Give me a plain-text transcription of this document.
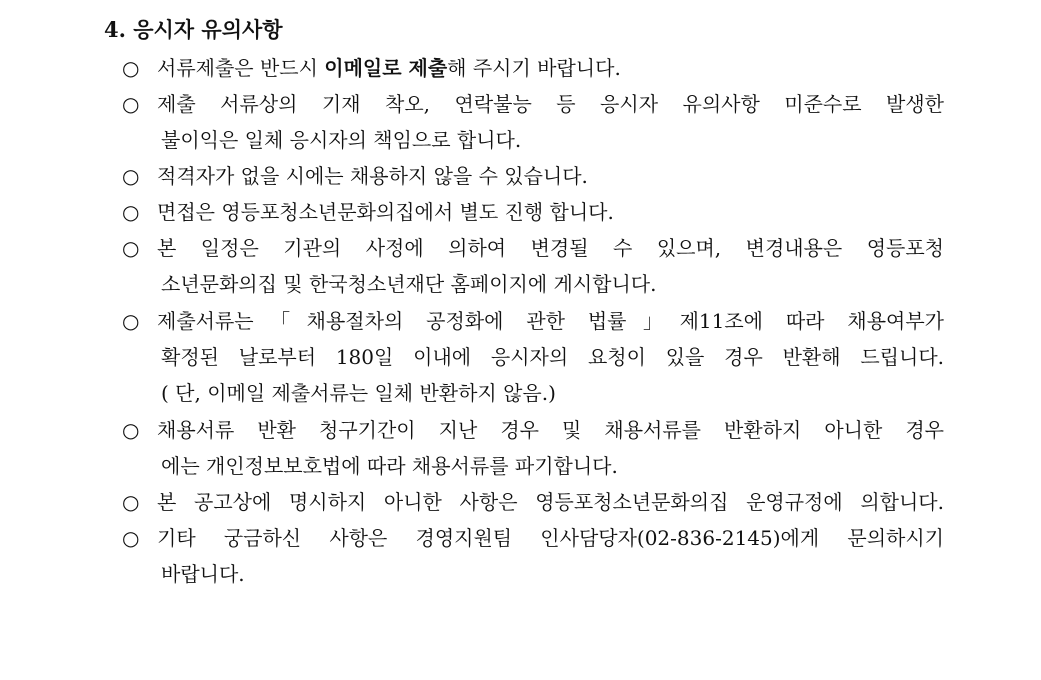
4. 응시자 유의사항
○ 서류제출은 반드시 이메일로 제출해 주시기 바랍니다.
○ 제출 서류상의 기재 착오, 연락불능 등 응시자 유의사항 미준수로 발생한
불이익은 일체 응시자의 책임으로 합니다.
○ 적격자가 없을 시에는 채용하지 않을 수 있습니다.
○ 면접은 영등포청소년문화의집에서 별도 진행 합니다.
○ 본 일정은 기관의 사정에 의하여 변경될 수 있으며, 변경내용은 영등포청
소년문화의집 및 한국청소년재단 홈페이지에 게시합니다.
○ 제출서류는「채용절차의 공정화에 관한 법률」제11조에 따라 채용여부가
확정된 날로부터 180일 이내에 응시자의 요청이 있을 경우 반환해 드립니다.
( 단, 이메일 제출서류는 일체 반환하지 않음.)
○ 채용서류 반환 청구기간이 지난 경우 및 채용서류를 반환하지 아니한 경우
에는 개인정보보호법에 따라 채용서류를 파기합니다.
○ 본 공고상에 명시하지 아니한 사항은 영등포청소년문화의집 운영규정에 의합니다.
○ 기타 궁금하신 사항은 경영지원팀 인사담당자(02-836-2145)에게 문의하시기
바랍니다.
